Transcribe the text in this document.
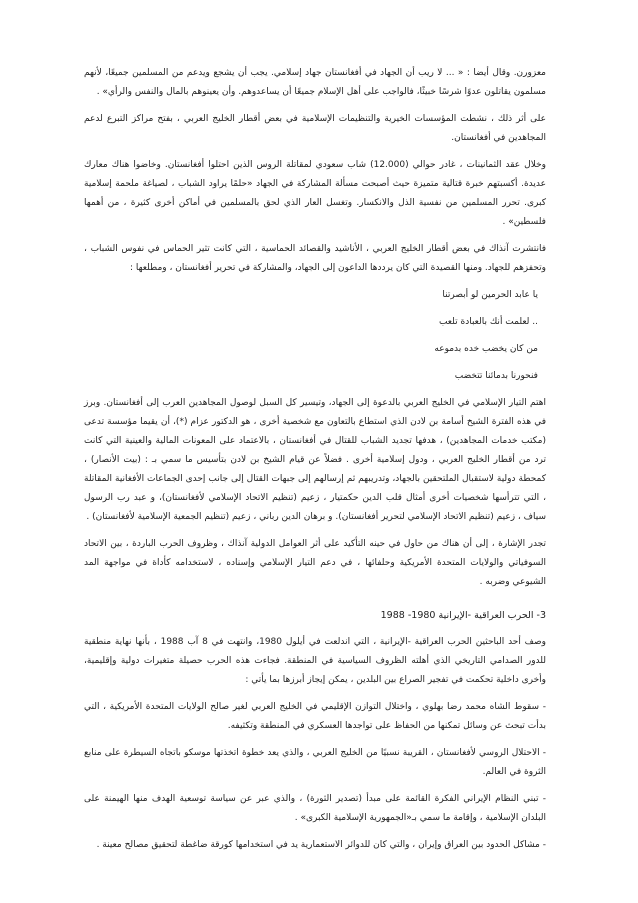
معزورن. وقال أيضا : « ... لا ريب أن الجهاد في أفغانستان جهاد إسلامي. يجب أن يشجع ويدعم من المسلمين جميعًا، لأنهم مسلمون يقاتلون عدوًا شرسًا خبيثًا، فالواجب على أهل الإسلام جميعًا أن يساعدوهم. وأن يعينوهم بالمال والنفس والرأي» .

على أثر ذلك ، نشطت المؤسسات الخيرية والتنظيمات الإسلامية في بعض أقطار الخليج العربي ، بفتح مراكز التبرع لدعم المجاهدين في أفغانستان.

وخلال عقد الثمانينات ، غادر حوالي (12.000) شاب سعودي لمقاتلة الروس الذين احتلوا أفغانستان. وخاضوا هناك معارك عديدة. أكسبتهم خبرة قتالية متميزة حيث أصبحت مسألة المشاركة في الجهاد «حلمًا يراود الشباب ، لصياغة ملحمة إسلامية كبرى. تحرر المسلمين من نفسية الذل والانكسار. وتغسل العار الذي لحق بالمسلمين في أماكن أخرى كثيرة ، من أهمها فلسطين» .

فانتشرت آنذاك في بعض أقطار الخليج العربي ، الأناشيد والقصائد الحماسية ، التي كانت تثير الحماس في نفوس الشباب ، وتحفزهم للجهاد. ومنها القصيدة التي كان يرددها الداعون إلى الجهاد، والمشاركة في تحرير أفغانستان ، ومطلعها :

يا عابد الحرمين لو أبصرتنا

.. لعلمت أنك بالعبادة تلعب

من كان يخضب خده بدموعه

فنحورنا بدمائنا تتخضب

اهتم التيار الإسلامي في الخليج العربي بالدعوة إلى الجهاد، وتيسير كل السبل لوصول المجاهدين العرب إلى أفغانستان. وبرز في هذه الفترة الشيخ أسامة بن لادن الذي استطاع بالتعاون مع شخصية أخرى ، هو الدكتور عزام (*)، أن يقيما مؤسسة تدعى (مكتب خدمات المجاهدين) ، هدفها تجديد الشباب للقتال في أفغانستان ، بالاعتماد على المعونات المالية والعينية التي كانت ترد من أقطار الخليج العربي ، ودول إسلامية أخرى . فضلاً عن قيام الشيخ بن لادن بتأسيس ما سمي بـ : (بيت الأنصار) ، كمحطة دولية لاستقبال الملتحقين بالجهاد، وتدريبهم ثم إرسالهم إلى جبهات القتال إلى جانب إحدى الجماعات الأفغانية المقاتلة ، التي تترأسها شخصيات أخرى أمثال قلب الدين حكمتيار ، زعيم (تنظيم الاتحاد الإسلامي لأفغانستان)، و عبد رب الرسول سياف ، زعيم (تنظيم الاتحاد الإسلامي لتحرير أفغانستان). و برهان الدين رباني ، زعيم (تنظيم الجمعية الإسلامية لأفغانستان) .

تجدر الإشارة ، إلى أن هناك من حاول في حينه التأكيد على أثر العوامل الدولية آنذاك ، وظروف الحرب الباردة ، بين الاتحاد السوفياتي والولايات المتحدة الأمريكية وحلفائها ، في دعم التيار الإسلامي وإسناده ، لاستخدامه كأداة في مواجهة المد الشيوعي وضربه .

3- الحرب العراقية -الإيرانية 1980- 1988

وصف أحد الباحثين الحرب العراقية -الإيرانية ، التي اندلعت في أيلول 1980، وانتهت في 8 آب 1988 ، بأنها نهاية منطقية للدور الصدامي التاريخي الذي أهلته الظروف السياسية في المنطقة. فجاءت هذه الحرب حصيلة متغيرات دولية وإقليمية، وأخرى داخلية تحكمت في تفجير الصراع بين البلدين ، يمكن إيجاز أبرزها بما يأتي :

- سقوط الشاه محمد رضا بهلوي ، واختلال التوازن الإقليمي في الخليج العربي لغير صالح الولايات المتحدة الأمريكية ، التي بدأت تبحث عن وسائل تمكنها من الحفاظ على تواجدها العسكري في المنطقة وتكثيفه.

- الاحتلال الروسي لأفغانستان ، القريبة نسبيًا من الخليج العربي ، والذي يعد خطوة اتخذتها موسكو باتجاه السيطرة على منابع الثروة في العالم.

- تبني النظام الإيراني الفكرة القائمة على مبدأ (تصدير الثورة) ، والذي عبر عن سياسة توسعية الهدف منها الهيمنة على البلدان الإسلامية ، وإقامة ما سمي بـ«الجمهورية الإسلامية الكبرى» .

- مشاكل الحدود بين العراق وإيران ، والتي كان للدوائر الاستعمارية يد في استخدامها كورقة ضاغطة لتحقيق مصالح معينة .
